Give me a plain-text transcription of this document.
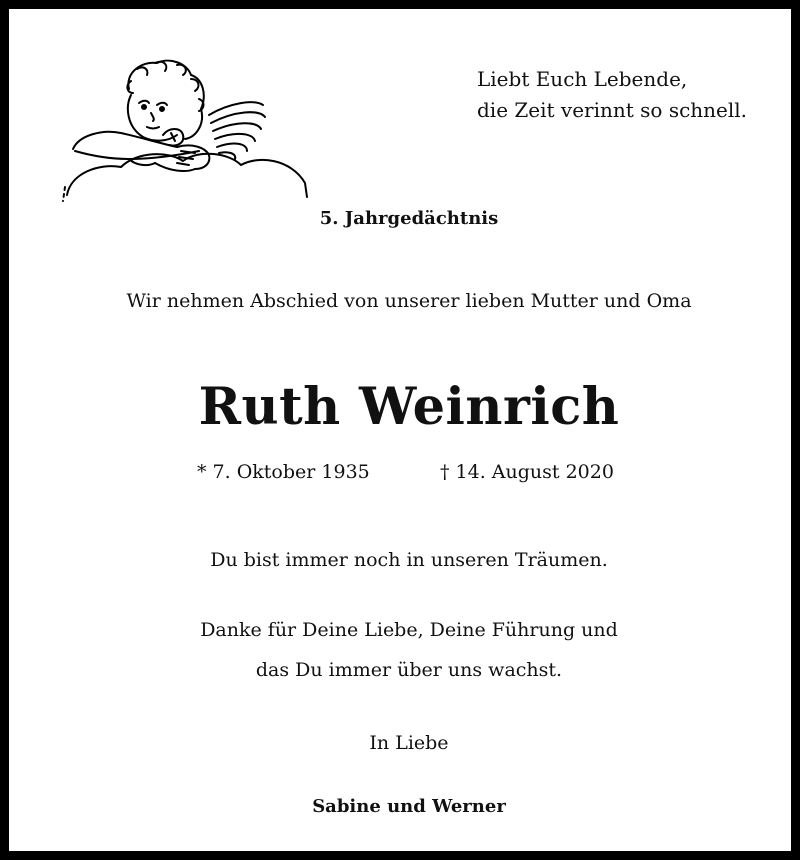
Liebt Euch Lebende,
die Zeit verinnt so schnell.
5. Jahrgedächtnis
Wir nehmen Abschied von unserer lieben Mutter und Oma
Ruth Weinrich
* 7. Oktober 1935	† 14. August 2020
Du bist immer noch in unseren Träumen.
Danke für Deine Liebe, Deine Führung und
das Du immer über uns wachst.
In Liebe
Sabine und Werner
